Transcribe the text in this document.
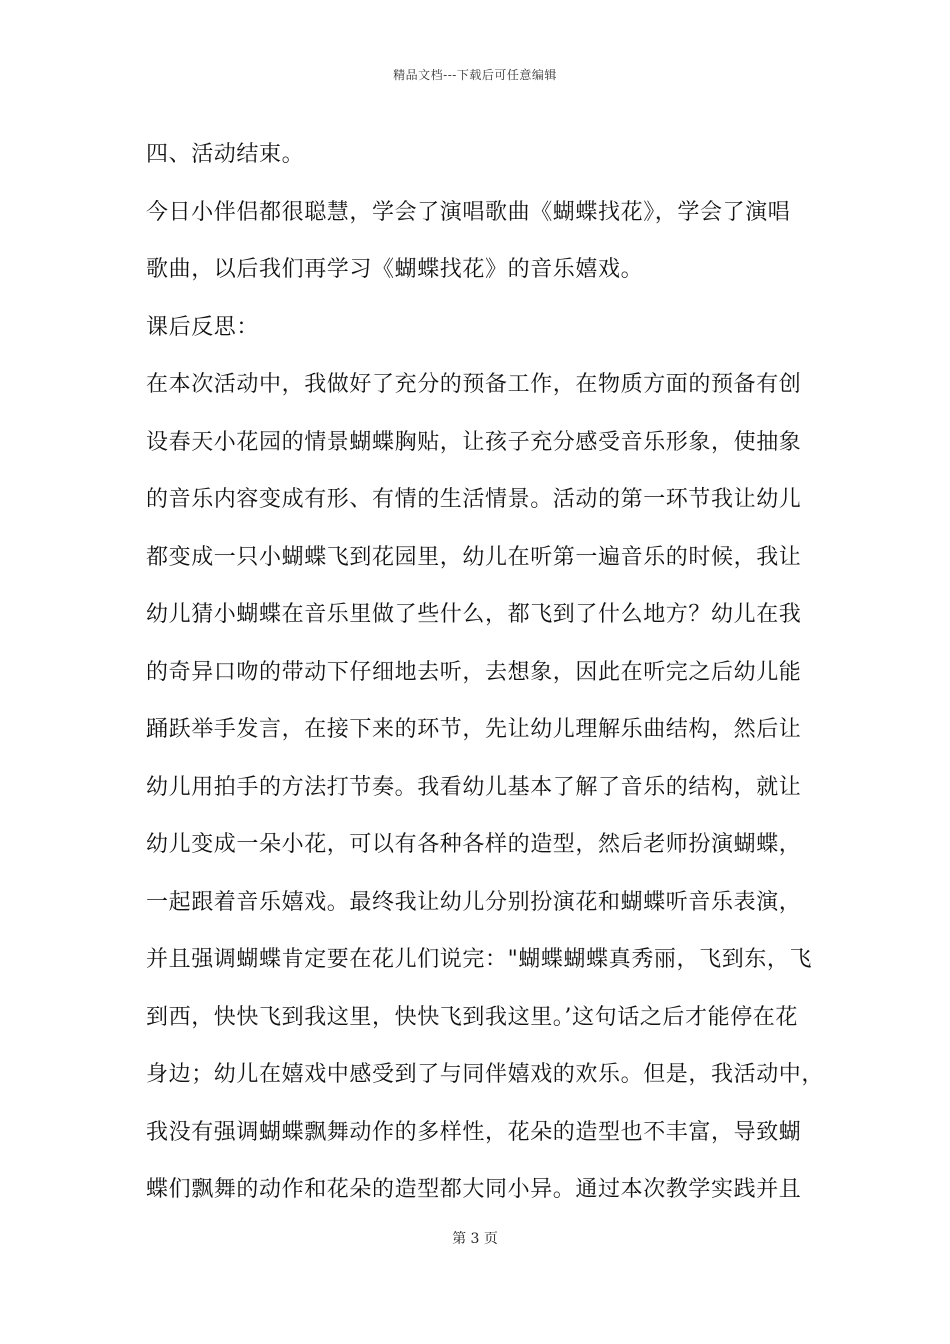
精品文档---下载后可任意编辑
四、活动结束。
今日小伴侣都很聪慧，学会了演唱歌曲《蝴蝶找花》，学会了演唱
歌曲，以后我们再学习《蝴蝶找花》的音乐嬉戏。
课后反思：
在本次活动中，我做好了充分的预备工作，在物质方面的预备有创
设春天小花园的情景蝴蝶胸贴，让孩子充分感受音乐形象，使抽象
的音乐内容变成有形、有情的生活情景。活动的第一环节我让幼儿
都变成一只小蝴蝶飞到花园里，幼儿在听第一遍音乐的时候，我让
幼儿猜小蝴蝶在音乐里做了些什么，都飞到了什么地方？幼儿在我
的奇异口吻的带动下仔细地去听，去想象，因此在听完之后幼儿能
踊跃举手发言，在接下来的环节，先让幼儿理解乐曲结构，然后让
幼儿用拍手的方法打节奏。我看幼儿基本了解了音乐的结构，就让
幼儿变成一朵小花，可以有各种各样的造型，然后老师扮演蝴蝶，
一起跟着音乐嬉戏。最终我让幼儿分别扮演花和蝴蝶听音乐表演，
并且强调蝴蝶肯定要在花儿们说完："蝴蝶蝴蝶真秀丽，飞到东，飞
到西，快快飞到我这里，快快飞到我这里。’这句话之后才能停在花
身边；幼儿在嬉戏中感受到了与同伴嬉戏的欢乐。但是，我活动中，
我没有强调蝴蝶飘舞动作的多样性，花朵的造型也不丰富，导致蝴
蝶们飘舞的动作和花朵的造型都大同小异。通过本次教学实践并且
第 3 页
